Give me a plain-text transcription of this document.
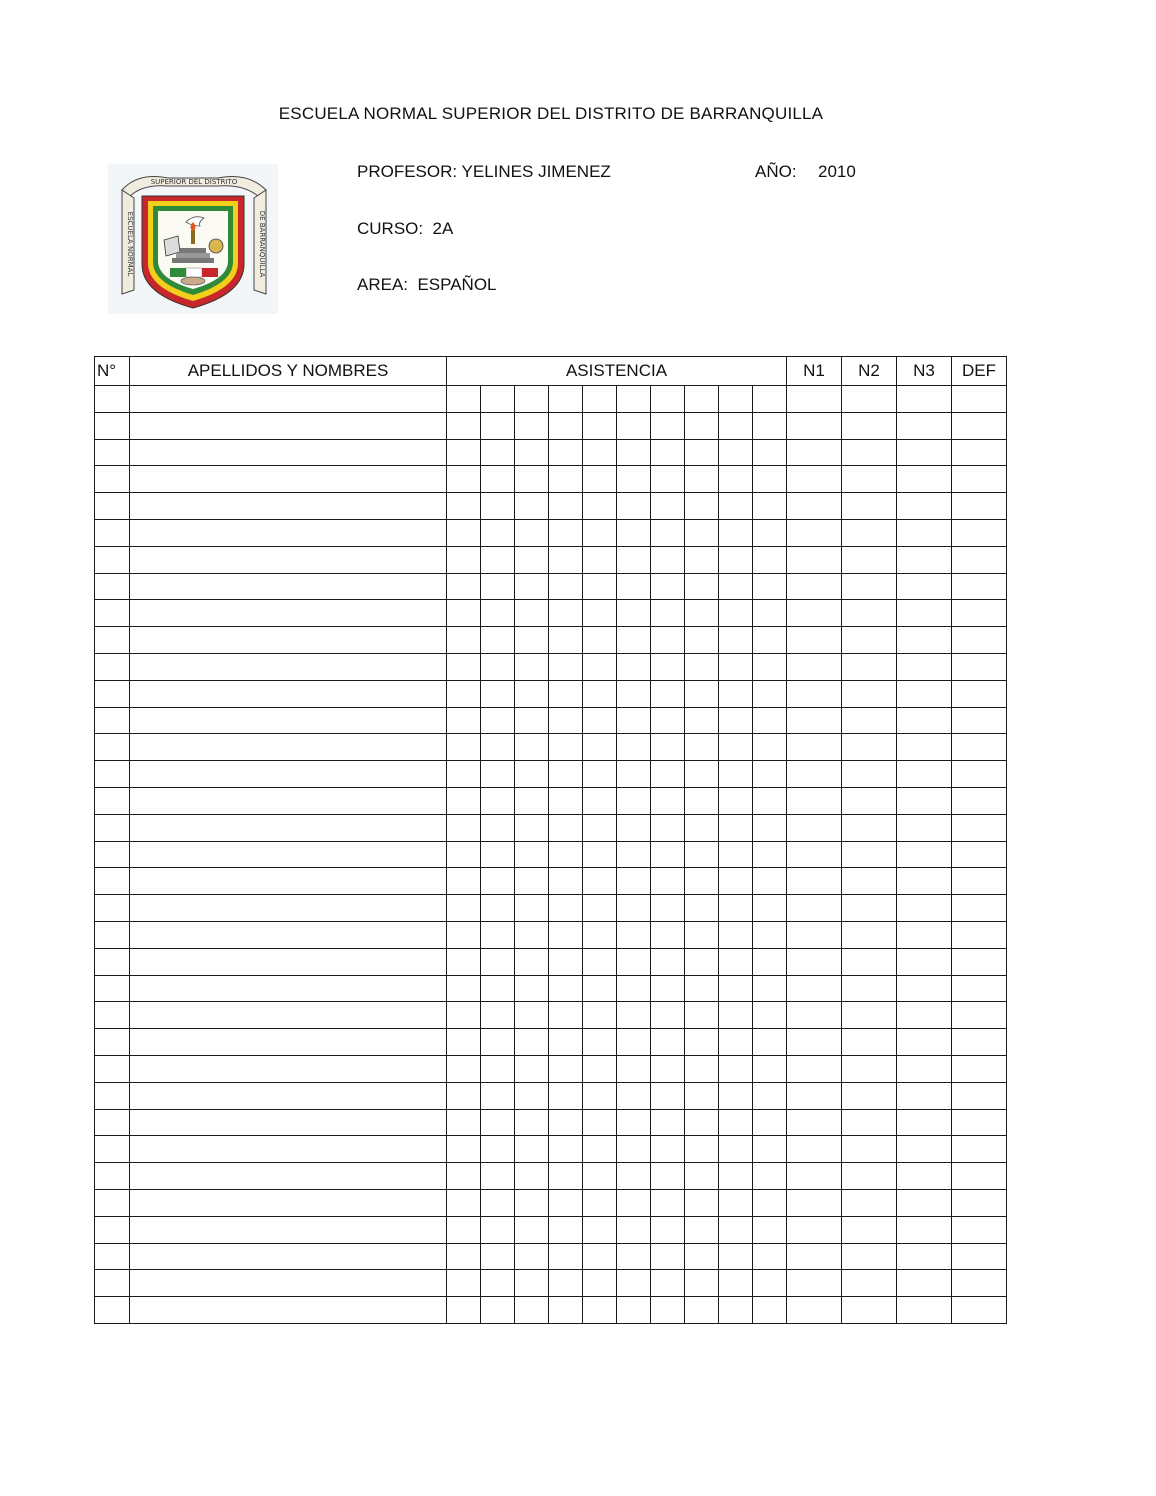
ESCUELA NORMAL SUPERIOR DEL DISTRITO DE BARRANQUILLA
SUPERIOR DEL DISTRITO
ESCUELA NORMAL	DE BARRANQUILLA
PROFESOR: YELINES JIMENEZ	AÑO: 2010
CURSO:  2A
AREA:  ESPAÑOL
N°	APELLIDOS Y NOMBRES	ASISTENCIA										N1	N2	N3	DEF
